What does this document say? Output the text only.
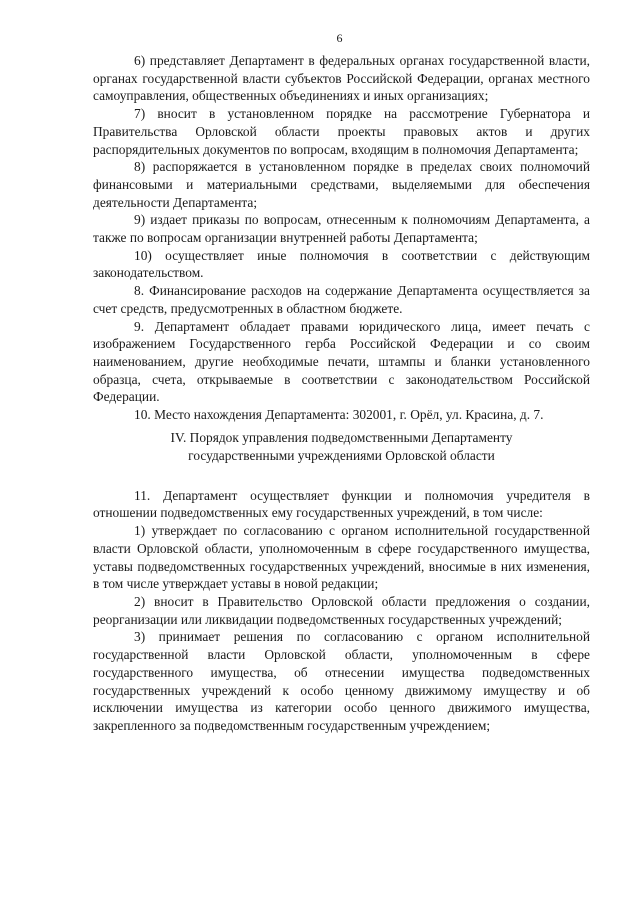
6

6) представляет Департамент в федеральных органах государственной власти, органах государственной власти субъектов Российской Федерации, органах местного самоуправления, общественных объединениях и иных организациях;

7) вносит в установленном порядке на рассмотрение Губернатора и Правительства Орловской области проекты правовых актов и других распорядительных документов по вопросам, входящим в полномочия Департамента;

8) распоряжается в установленном порядке в пределах своих полномочий финансовыми и материальными средствами, выделяемыми для обеспечения деятельности Департамента;

9) издает приказы по вопросам, отнесенным к полномочиям Департамента, а также по вопросам организации внутренней работы Департамента;

10) осуществляет иные полномочия в соответствии с действующим законодательством.

8. Финансирование расходов на содержание Департамента осуществляется за счет средств, предусмотренных в областном бюджете.

9. Департамент обладает правами юридического лица, имеет печать с изображением Государственного герба Российской Федерации и со своим наименованием, другие необходимые печати, штампы и бланки установленного образца, счета, открываемые в соответствии с законодательством Российской Федерации.

10. Место нахождения Департамента: 302001, г. Орёл, ул. Красина, д. 7.

IV. Порядок управления подведомственными Департаменту
государственными учреждениями Орловской области

11. Департамент осуществляет функции и полномочия учредителя в отношении подведомственных ему государственных учреждений, в том числе:

1) утверждает по согласованию с органом исполнительной государственной власти Орловской области, уполномоченным в сфере государственного имущества, уставы подведомственных государственных учреждений, вносимые в них изменения, в том числе утверждает уставы в новой редакции;

2) вносит в Правительство Орловской области предложения о создании, реорганизации или ликвидации подведомственных государственных учреждений;

3) принимает решения по согласованию с органом исполнительной государственной власти Орловской области, уполномоченным в сфере государственного имущества, об отнесении имущества подведомственных государственных учреждений к особо ценному движимому имуществу и об исключении имущества из категории особо ценного движимого имущества, закрепленного за подведомственным государственным учреждением;
